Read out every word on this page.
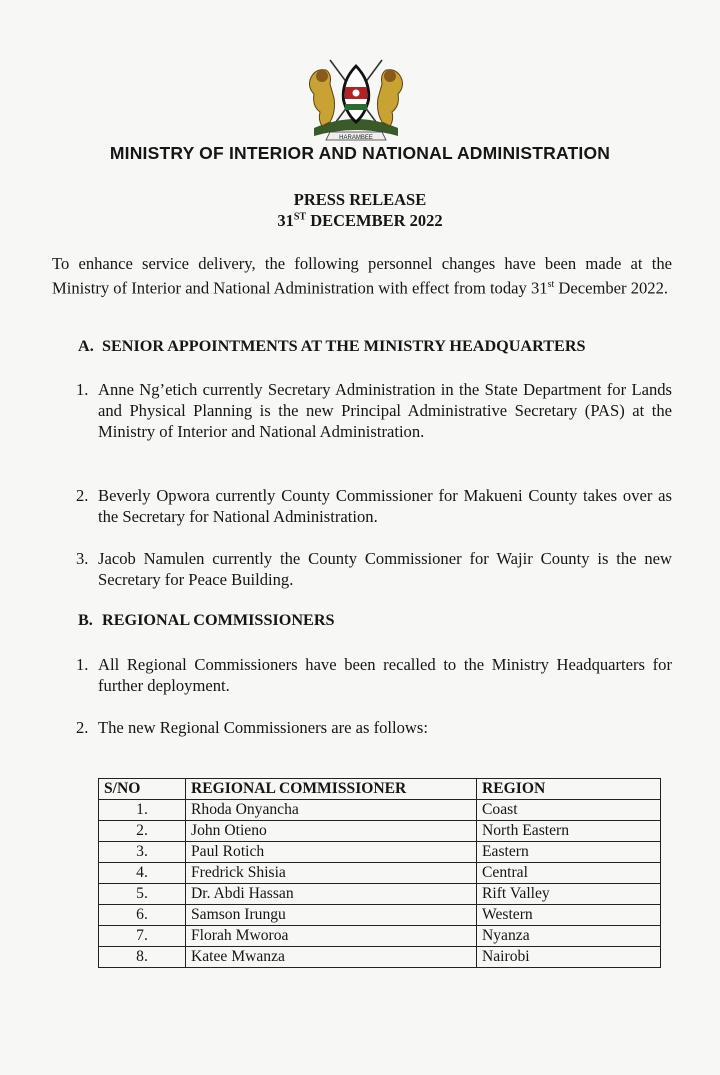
HARAMBEE
MINISTRY OF INTERIOR AND NATIONAL ADMINISTRATION
PRESS RELEASE
31ST DECEMBER 2022
To enhance service delivery, the following personnel changes have been made at the Ministry of Interior and National Administration with effect from today 31st December 2022.
A. SENIOR APPOINTMENTS AT THE MINISTRY HEADQUARTERS
1. Anne Ng’etich currently Secretary Administration in the State Department for Lands and Physical Planning is the new Principal Administrative Secretary (PAS) at the Ministry of Interior and National Administration.
2. Beverly Opwora currently County Commissioner for Makueni County takes over as the Secretary for National Administration.
3. Jacob Namulen currently the County Commissioner for Wajir County is the new Secretary for Peace Building.
B. REGIONAL COMMISSIONERS
1. All Regional Commissioners have been recalled to the Ministry Headquarters for further deployment.
2. The new Regional Commissioners are as follows:
S/NO	REGIONAL COMMISSIONER	REGION
1.	Rhoda Onyancha	Coast
2.	John Otieno	North Eastern
3.	Paul Rotich	Eastern
4.	Fredrick Shisia	Central
5.	Dr. Abdi Hassan	Rift Valley
6.	Samson Irungu	Western
7.	Florah Mworoa	Nyanza
8.	Katee Mwanza	Nairobi
